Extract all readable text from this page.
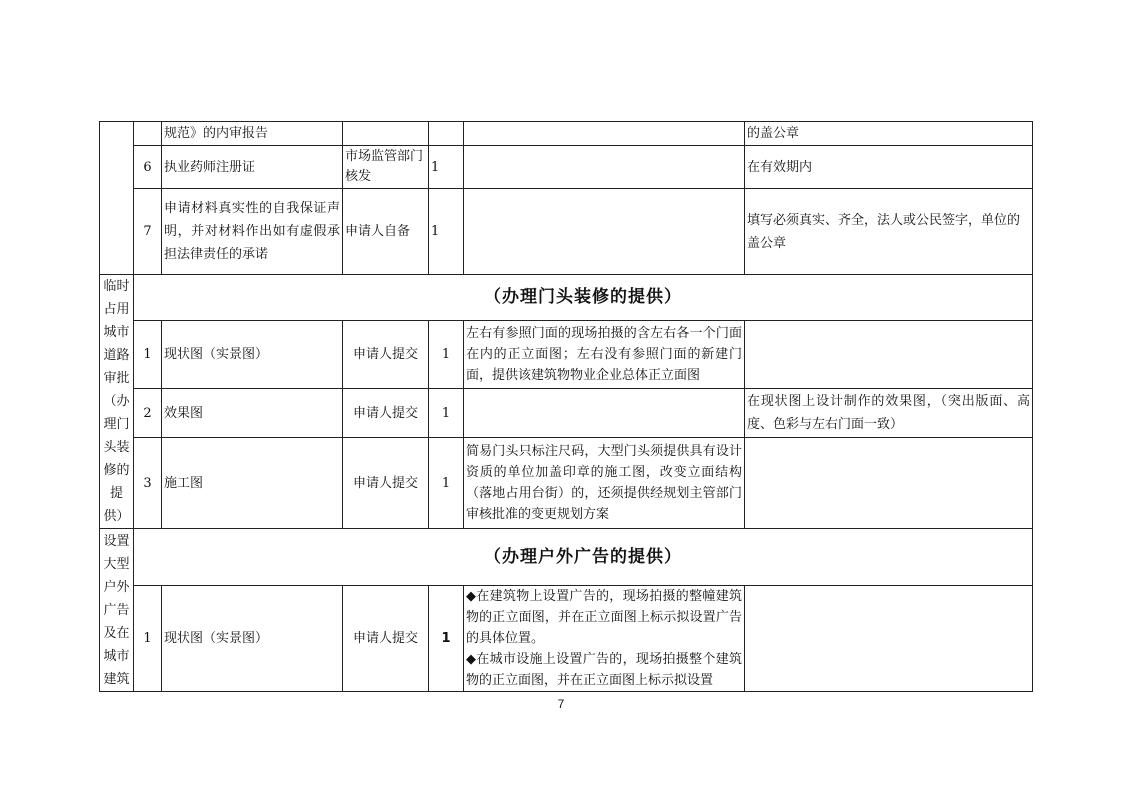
		规范》的内审报告				的盖公章
	6	执业药师注册证	市场监管部门核发	1		在有效期内
	7	申请材料真实性的自我保证声明，并对材料作出如有虚假承担法律责任的承诺	申请人自备	1		填写必须真实、齐全，法人或公民签字，单位的盖公章
临时占用城市道路审批（办理门头装修的提供）	（办理门头装修的提供）					
	1	现状图（实景图）	申请人提交	1	左右有参照门面的现场拍摄的含左右各一个门面在内的正立面图；左右没有参照门面的新建门面，提供该建筑物物业企业总体正立面图	
	2	效果图	申请人提交	1		在现状图上设计制作的效果图，（突出版面、高度、色彩与左右门面一致）
	3	施工图	申请人提交	1	简易门头只标注尺码，大型门头须提供具有设计资质的单位加盖印章的施工图，改变立面结构（落地占用台街）的，还须提供经规划主管部门审核批准的变更规划方案	
设置大型户外广告及在城市建筑	（办理户外广告的提供）					
	1	现状图（实景图）	申请人提交	1	◆在建筑物上设置广告的，现场拍摄的整幢建筑物的正立面图，并在正立面图上标示拟设置广告的具体位置。
◆在城市设施上设置广告的，现场拍摄整个建筑物的正立面图，并在正立面图上标示拟设置	

7
